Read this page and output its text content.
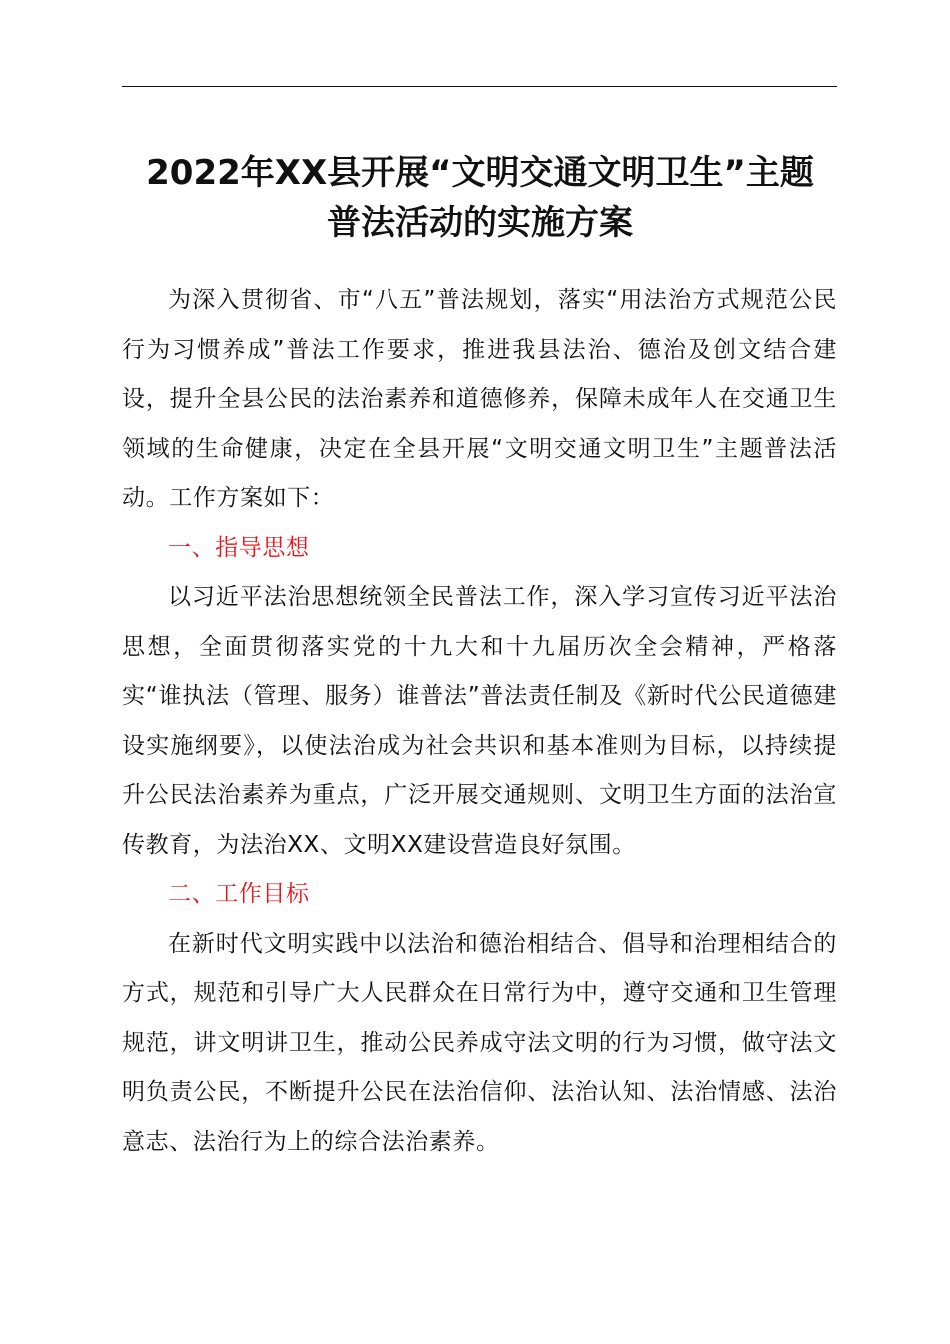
2022年XX县开展“文明交通文明卫生”主题
普法活动的实施方案

为深入贯彻省、市“八五”普法规划，落实“用法治方式规范公民行为习惯养成”普法工作要求，推进我县法治、德治及创文结合建设，提升全县公民的法治素养和道德修养，保障未成年人在交通卫生领域的生命健康，决定在全县开展“文明交通文明卫生”主题普法活动。工作方案如下：

一、指导思想

以习近平法治思想统领全民普法工作，深入学习宣传习近平法治思想，全面贯彻落实党的十九大和十九届历次全会精神，严格落实“谁执法（管理、服务）谁普法”普法责任制及《新时代公民道德建设实施纲要》，以使法治成为社会共识和基本准则为目标，以持续提升公民法治素养为重点，广泛开展交通规则、文明卫生方面的法治宣传教育，为法治XX、文明XX建设营造良好氛围。

二、工作目标

在新时代文明实践中以法治和德治相结合、倡导和治理相结合的方式，规范和引导广大人民群众在日常行为中，遵守交通和卫生管理规范，讲文明讲卫生，推动公民养成守法文明的行为习惯，做守法文明负责公民，不断提升公民在法治信仰、法治认知、法治情感、法治意志、法治行为上的综合法治素养。
